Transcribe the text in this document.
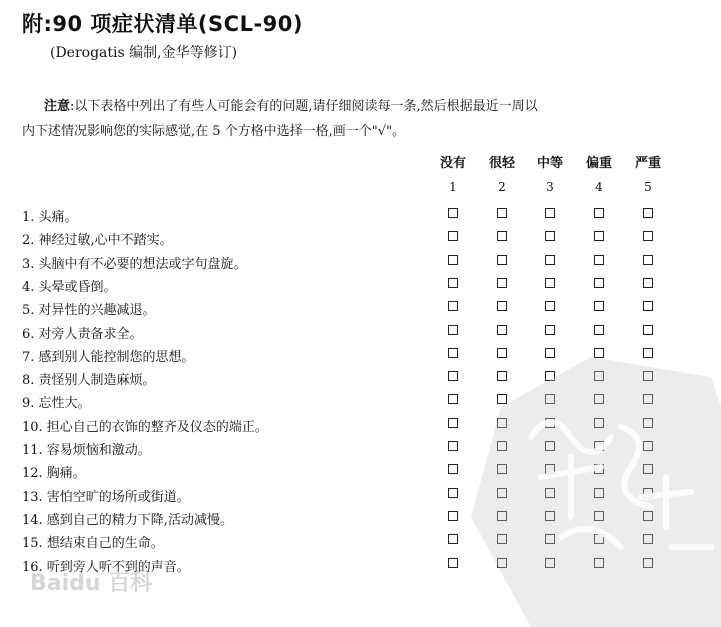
附:90 项症状清单(SCL-90)
(Derogatis 编制,金华等修订)
注意:以下表格中列出了有些人可能会有的问题,请仔细阅读每一条,然后根据最近一周以
内下述情况影响您的实际感觉,在 5 个方格中选择一格,画一个"√"。
没有
1
很轻
2
中等
3
偏重
4
严重
5
1. 头痛。
2. 神经过敏,心中不踏实。
3. 头脑中有不必要的想法或字句盘旋。
4. 头晕或昏倒。
5. 对异性的兴趣减退。
6. 对旁人责备求全。
7. 感到别人能控制您的思想。
8. 责怪别人制造麻烦。
9. 忘性大。
10. 担心自己的衣饰的整齐及仪态的端正。
11. 容易烦恼和激动。
12. 胸痛。
13. 害怕空旷的场所或街道。
14. 感到自己的精力下降,活动减慢。
15. 想结束自己的生命。
16. 听到旁人听不到的声音。
Baidu 百科
